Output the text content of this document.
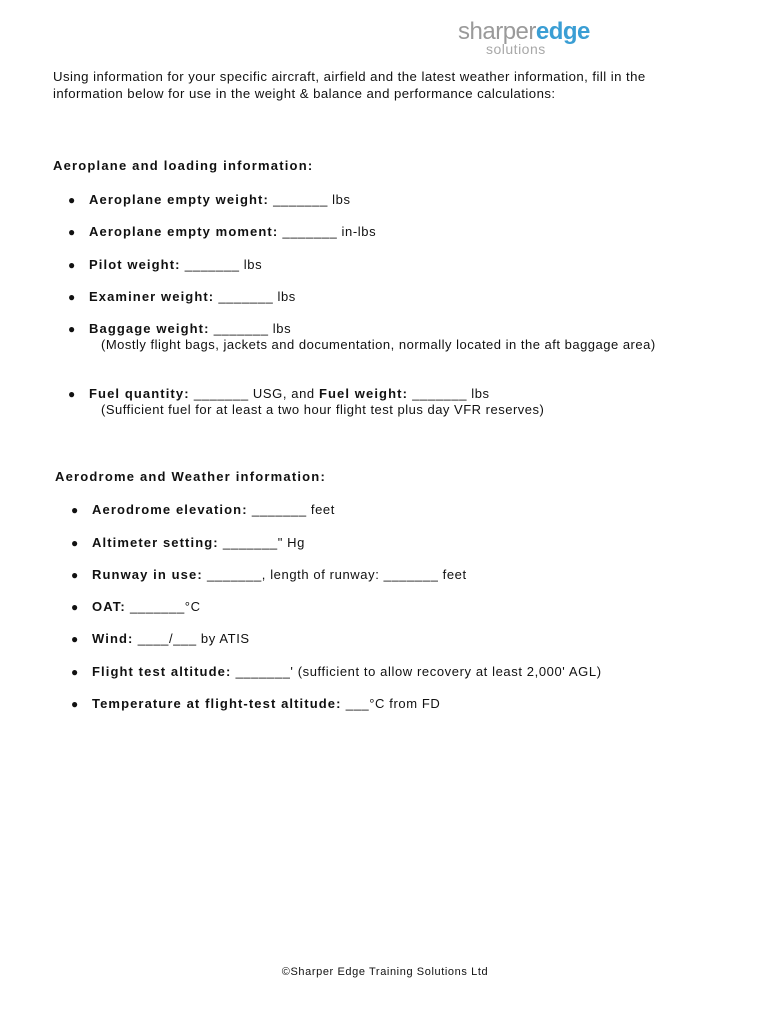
sharperedge
solutions
Using information for your specific aircraft, airfield and the latest weather information, fill in the information below for use in the weight & balance and performance calculations:
Aeroplane and loading information:
● Aeroplane empty weight: _______ lbs
● Aeroplane empty moment: _______ in-lbs
● Pilot weight: _______ lbs
● Examiner weight: _______ lbs
● Baggage weight: _______ lbs
(Mostly flight bags, jackets and documentation, normally located in the aft baggage area)
● Fuel quantity: _______ USG, and Fuel weight: _______ lbs
(Sufficient fuel for at least a two hour flight test plus day VFR reserves)
Aerodrome and Weather information:
● Aerodrome elevation: _______ feet
● Altimeter setting: _______" Hg
● Runway in use: _______, length of runway: _______ feet
● OAT: _______°C
● Wind: ____/___ by ATIS
● Flight test altitude: _______' (sufficient to allow recovery at least 2,000' AGL)
● Temperature at flight-test altitude: ___°C from FD
©Sharper Edge Training Solutions Ltd
